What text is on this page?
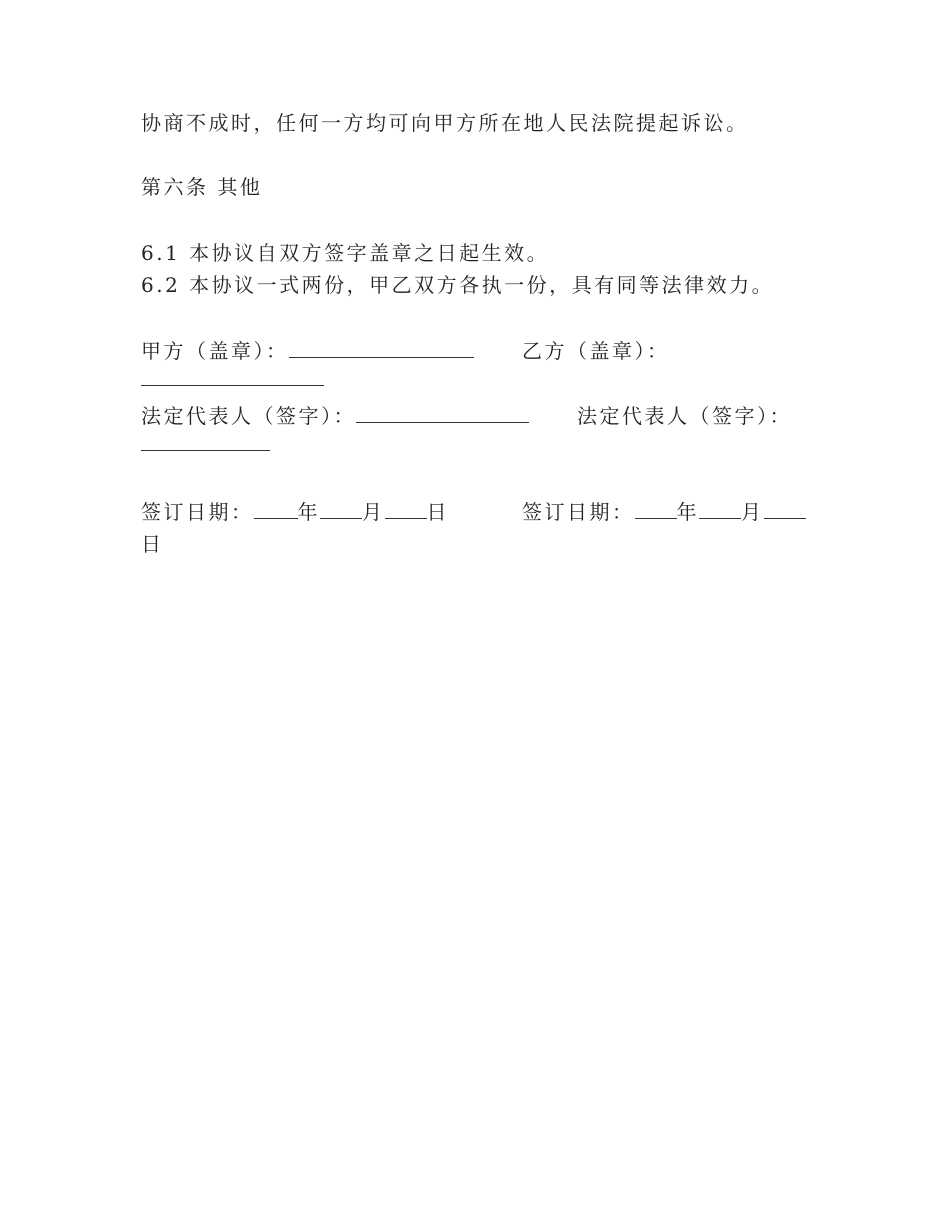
协商不成时，任何一方均可向甲方所在地人民法院提起诉讼。
第六条 其他
6.1 本协议自双方签字盖章之日起生效。
6.2 本协议一式两份，甲乙双方各执一份，具有同等法律效力。
甲方（盖章）：	乙方（盖章）：
法定代表人（签字）：	法定代表人（签字）：
签订日期： 年 月 日	签订日期： 年 月
日
